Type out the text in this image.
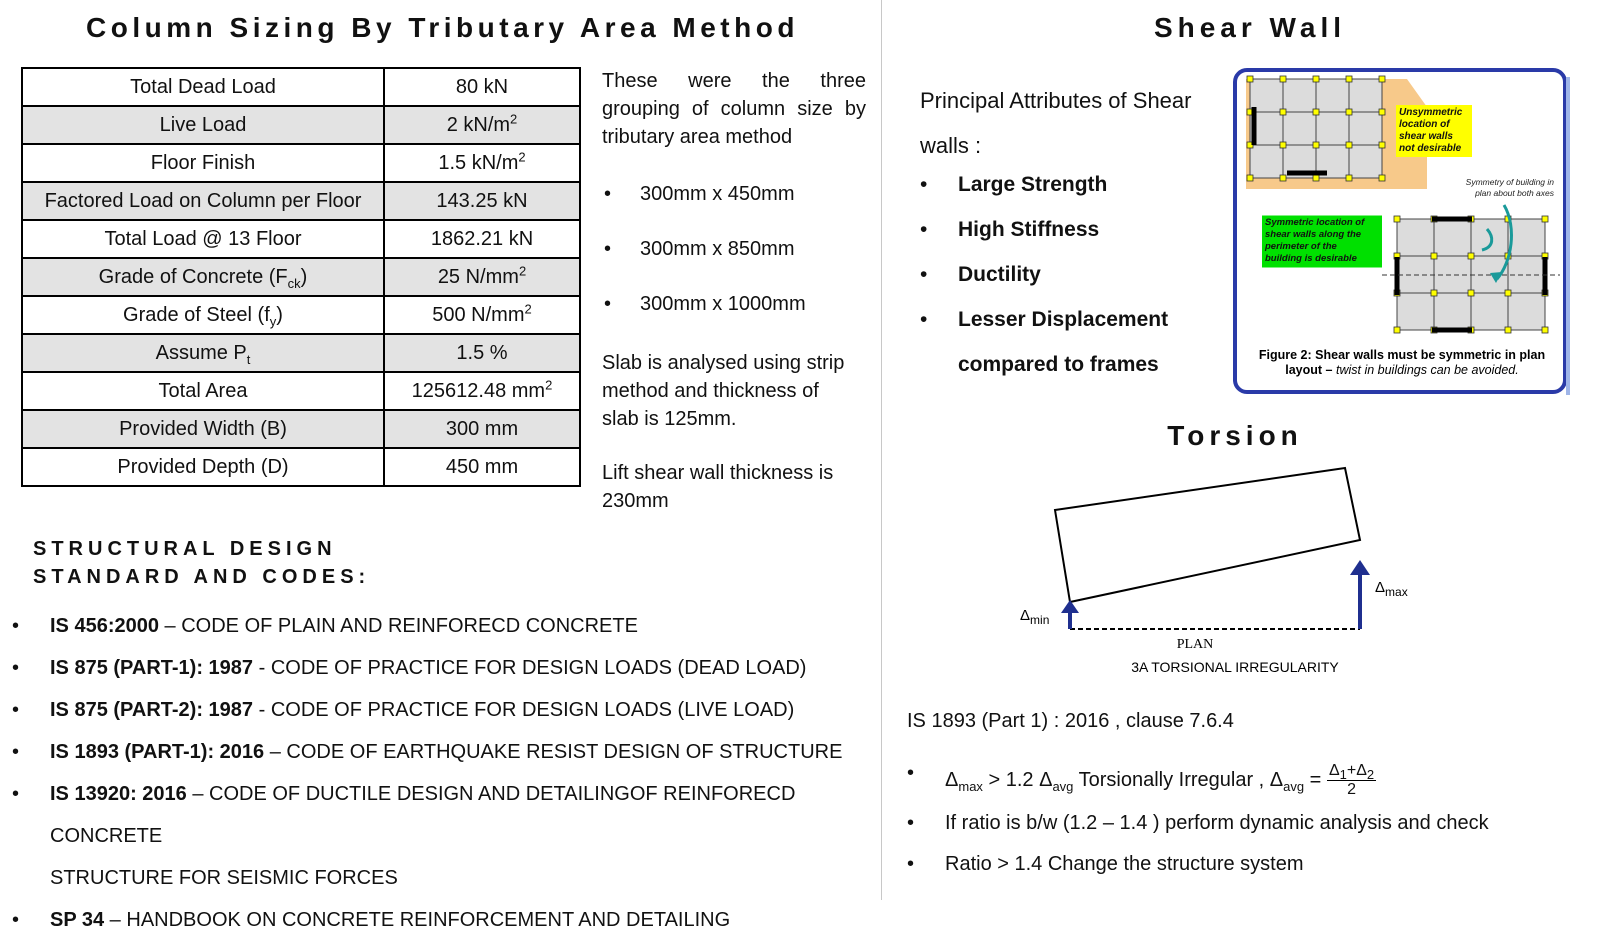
Column Sizing By Tributary Area Method
Total Dead Load	80 kN
Live Load	2 $kN/m^2$
Floor Finish	1.5 $kN/m^2$
Factored Load on Column per Floor	143.25 kN
Total Load @ 13 Floor	1862.21 kN
Grade of Concrete $(F_{ck})$	25 $N/mm^2$
Grade of Steel $(f_y)$	500 $N/mm^2$
Assume $P_t$	1.5 %
Total Area	125612.48 $mm^2$
Provided Width (B)	300 mm
Provided Depth (D)	450 mm

These were the three

grouping of column size by

tributary area method

• 300mm x 450mm
• 300mm x 850mm
• 300mm x 1000mm

Slab is analysed using strip

method and thickness of

slab is 125mm.

Lift shear wall thickness is

230mm

STRUCTURAL DESIGN
STANDARD AND CODES:
• IS 456:2000 – CODE OF PLAIN AND REINFORECD CONCRETE
• IS 875 (PART-1): 1987 - CODE OF PRACTICE FOR DESIGN LOADS (DEAD LOAD)
• IS 875 (PART-2): 1987 - CODE OF PRACTICE FOR DESIGN LOADS (LIVE LOAD)
• IS 1893 (PART-1): 2016 – CODE OF EARTHQUAKE RESIST DESIGN OF STRUCTURE
• IS 13920: 2016 – CODE OF DUCTILE DESIGN AND DETAILINGOF REINFORECD CONCRETE
STRUCTURE FOR SEISMIC FORCES
• SP 34 – HANDBOOK ON CONCRETE REINFORCEMENT AND DETAILING
Shear Wall
Principal Attributes of Shear
walls :
• Large Strength
• High Stiffness
• Ductility
• Lesser Displacement
compared to frames
Unsymmetric
location of
shear walls
not desirable
Symmetric location of
shear walls along the
perimeter of the
building is desirable
Symmetry of building in
plan about both axes
Figure 2: Shear walls must be symmetric in plan
layout – twist in buildings can be avoided.
Torsion
$\Delta_{min}$
$\Delta_{max}$
PLAN
3A TORSIONAL IRREGULARITY
IS 1893 (Part 1) : 2016 , clause 7.6.4
• $\Delta_{max} > 1.2$ $\Delta_{avg}$ Torsionally Irregular , $\Delta_{avg} = \frac{\Delta_1+\Delta_2}{2}$
• If ratio is b/w (1.2 – 1.4 ) perform dynamic analysis and check
• Ratio > 1.4 Change the structure system
